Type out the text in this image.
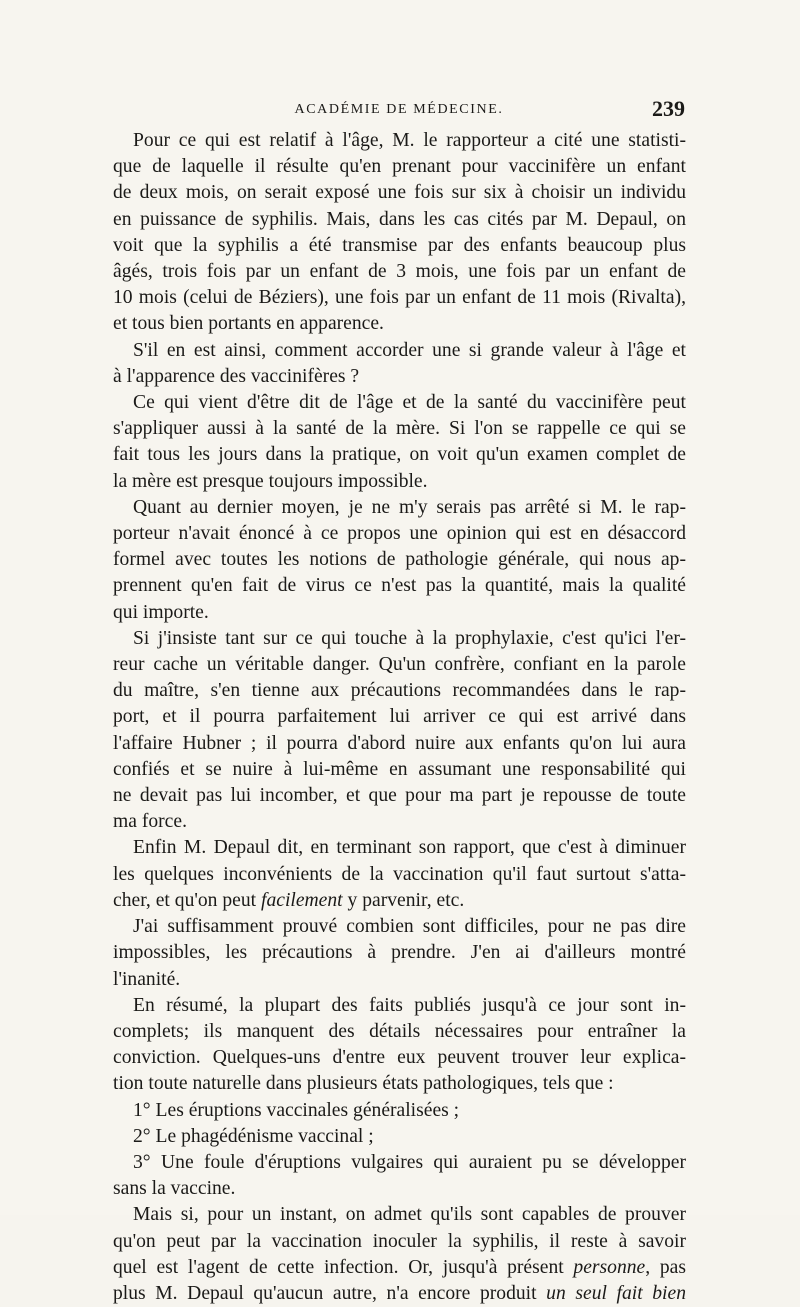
ACADÉMIE DE MÉDECINE.	239
Pour ce qui est relatif à l'âge, M. le rapporteur a cité une statisti-
que de laquelle il résulte qu'en prenant pour vaccinifère un enfant
de deux mois, on serait exposé une fois sur six à choisir un individu
en puissance de syphilis. Mais, dans les cas cités par M. Depaul, on
voit que la syphilis a été transmise par des enfants beaucoup plus
âgés, trois fois par un enfant de 3 mois, une fois par un enfant de
10 mois (celui de Béziers), une fois par un enfant de 11 mois (Rivalta),
et tous bien portants en apparence.
S'il en est ainsi, comment accorder une si grande valeur à l'âge et
à l'apparence des vaccinifères ?
Ce qui vient d'être dit de l'âge et de la santé du vaccinifère peut
s'appliquer aussi à la santé de la mère. Si l'on se rappelle ce qui se
fait tous les jours dans la pratique, on voit qu'un examen complet de
la mère est presque toujours impossible.
Quant au dernier moyen, je ne m'y serais pas arrêté si M. le rap-
porteur n'avait énoncé à ce propos une opinion qui est en désaccord
formel avec toutes les notions de pathologie générale, qui nous ap-
prennent qu'en fait de virus ce n'est pas la quantité, mais la qualité
qui importe.
Si j'insiste tant sur ce qui touche à la prophylaxie, c'est qu'ici l'er-
reur cache un véritable danger. Qu'un confrère, confiant en la parole
du maître, s'en tienne aux précautions recommandées dans le rap-
port, et il pourra parfaitement lui arriver ce qui est arrivé dans
l'affaire Hubner ; il pourra d'abord nuire aux enfants qu'on lui aura
confiés et se nuire à lui-même en assumant une responsabilité qui
ne devait pas lui incomber, et que pour ma part je repousse de toute
ma force.
Enfin M. Depaul dit, en terminant son rapport, que c'est à diminuer
les quelques inconvénients de la vaccination qu'il faut surtout s'atta-
cher, et qu'on peut facilement y parvenir, etc.
J'ai suffisamment prouvé combien sont difficiles, pour ne pas dire
impossibles, les précautions à prendre. J'en ai d'ailleurs montré
l'inanité.
En résumé, la plupart des faits publiés jusqu'à ce jour sont in-
complets; ils manquent des détails nécessaires pour entraîner la
conviction. Quelques-uns d'entre eux peuvent trouver leur explica-
tion toute naturelle dans plusieurs états pathologiques, tels que :
1° Les éruptions vaccinales généralisées ;
2° Le phagédénisme vaccinal ;
3° Une foule d'éruptions vulgaires qui auraient pu se développer
sans la vaccine.
Mais si, pour un instant, on admet qu'ils sont capables de prouver
qu'on peut par la vaccination inoculer la syphilis, il reste à savoir
quel est l'agent de cette infection. Or, jusqu'à présent personne, pas
plus M. Depaul qu'aucun autre, n'a encore produit un seul fait bien
